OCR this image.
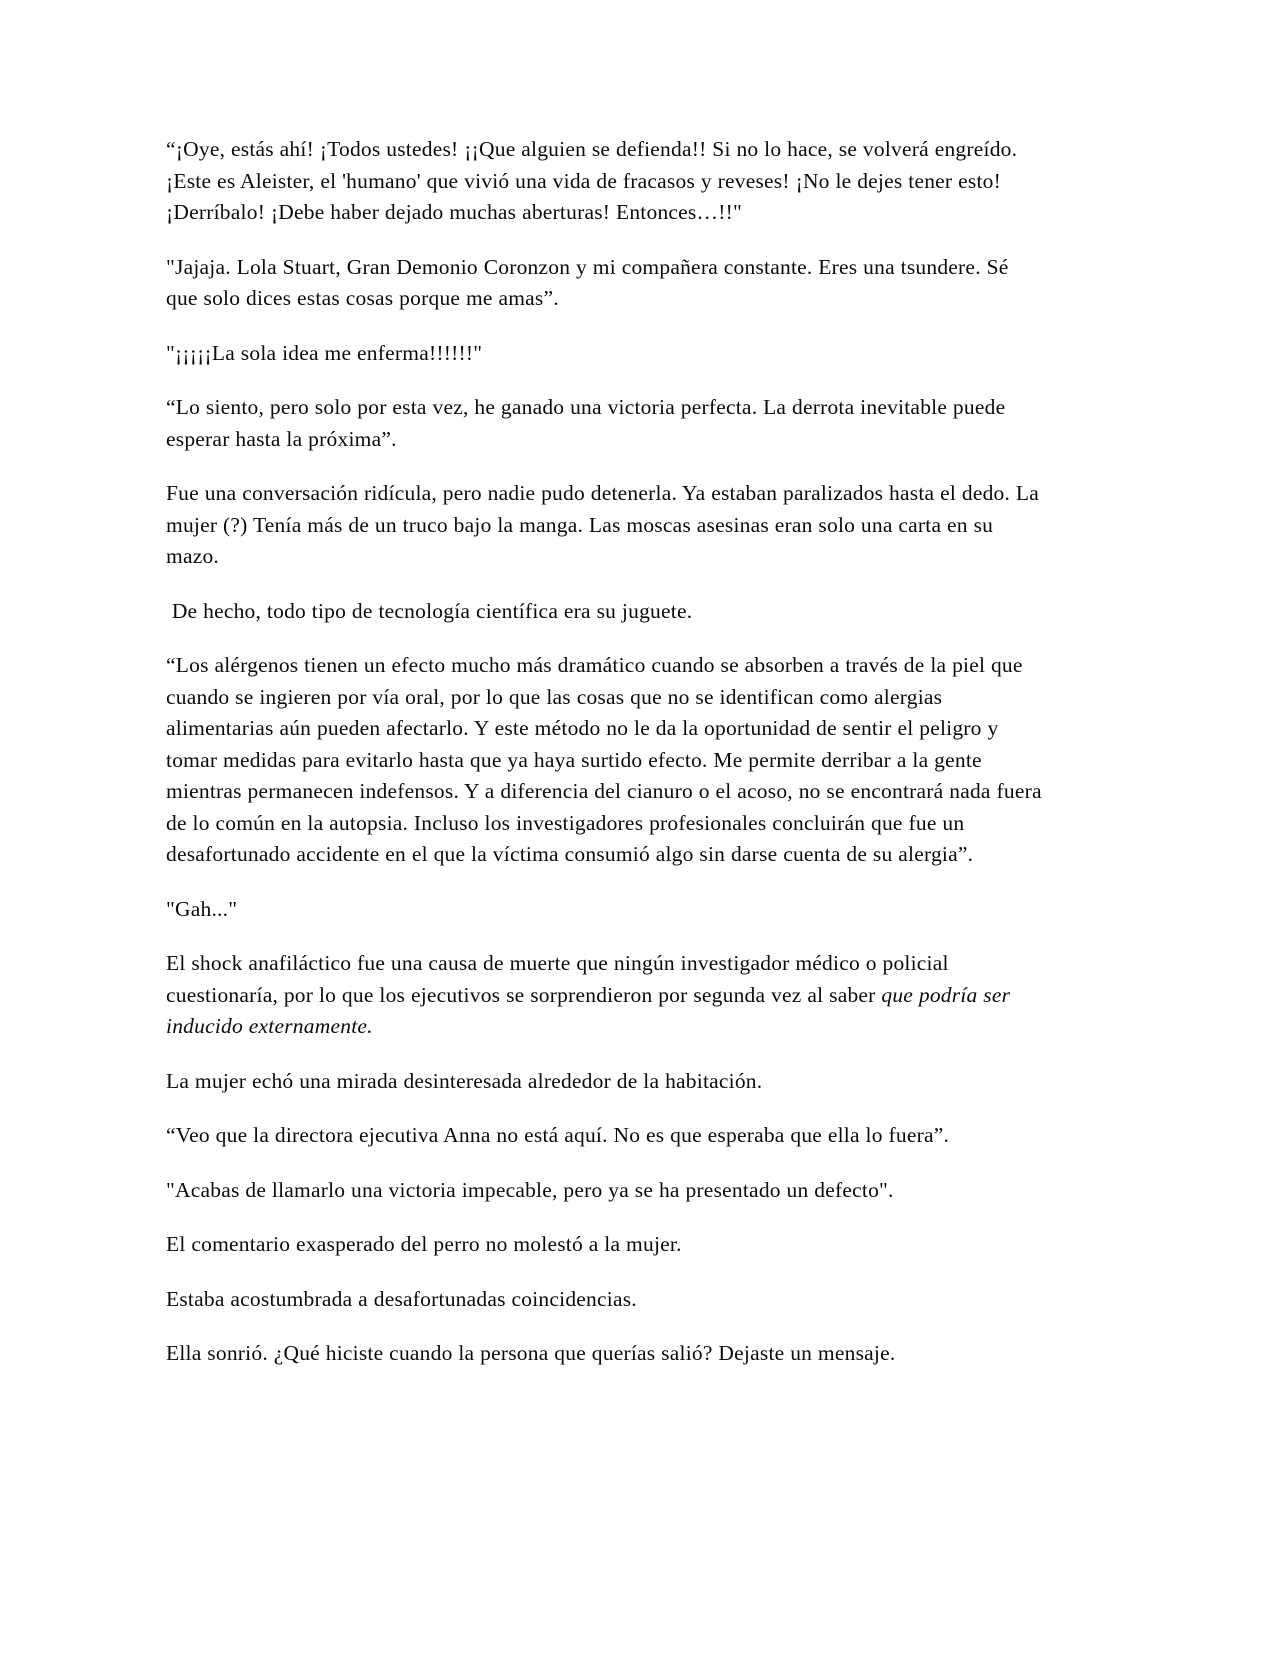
“¡Oye, estás ahí! ¡Todos ustedes! ¡¡Que alguien se defienda!! Si no lo hace, se volverá engreído. ¡Este es Aleister, el 'humano' que vivió una vida de fracasos y reveses! ¡No le dejes tener esto! ¡Derríbalo! ¡Debe haber dejado muchas aberturas! Entonces…!!"

"Jajaja. Lola Stuart, Gran Demonio Coronzon y mi compañera constante. Eres una tsundere. Sé que solo dices estas cosas porque me amas”.

"¡¡¡¡¡La sola idea me enferma!!!!!!"

“Lo siento, pero solo por esta vez, he ganado una victoria perfecta. La derrota inevitable puede esperar hasta la próxima”.

Fue una conversación ridícula, pero nadie pudo detenerla. Ya estaban paralizados hasta el dedo. La mujer (?) Tenía más de un truco bajo la manga. Las moscas asesinas eran solo una carta en su mazo.

De hecho, todo tipo de tecnología científica era su juguete.

“Los alérgenos tienen un efecto mucho más dramático cuando se absorben a través de la piel que cuando se ingieren por vía oral, por lo que las cosas que no se identifican como alergias alimentarias aún pueden afectarlo. Y este método no le da la oportunidad de sentir el peligro y tomar medidas para evitarlo hasta que ya haya surtido efecto. Me permite derribar a la gente mientras permanecen indefensos. Y a diferencia del cianuro o el acoso, no se encontrará nada fuera de lo común en la autopsia. Incluso los investigadores profesionales concluirán que fue un desafortunado accidente en el que la víctima consumió algo sin darse cuenta de su alergia”.

"Gah..."

El shock anafiláctico fue una causa de muerte que ningún investigador médico o policial cuestionaría, por lo que los ejecutivos se sorprendieron por segunda vez al saber que podría ser inducido externamente.

La mujer echó una mirada desinteresada alrededor de la habitación.

“Veo que la directora ejecutiva Anna no está aquí. No es que esperaba que ella lo fuera”.

"Acabas de llamarlo una victoria impecable, pero ya se ha presentado un defecto".

El comentario exasperado del perro no molestó a la mujer.

Estaba acostumbrada a desafortunadas coincidencias.

Ella sonrió. ¿Qué hiciste cuando la persona que querías salió? Dejaste un mensaje.
